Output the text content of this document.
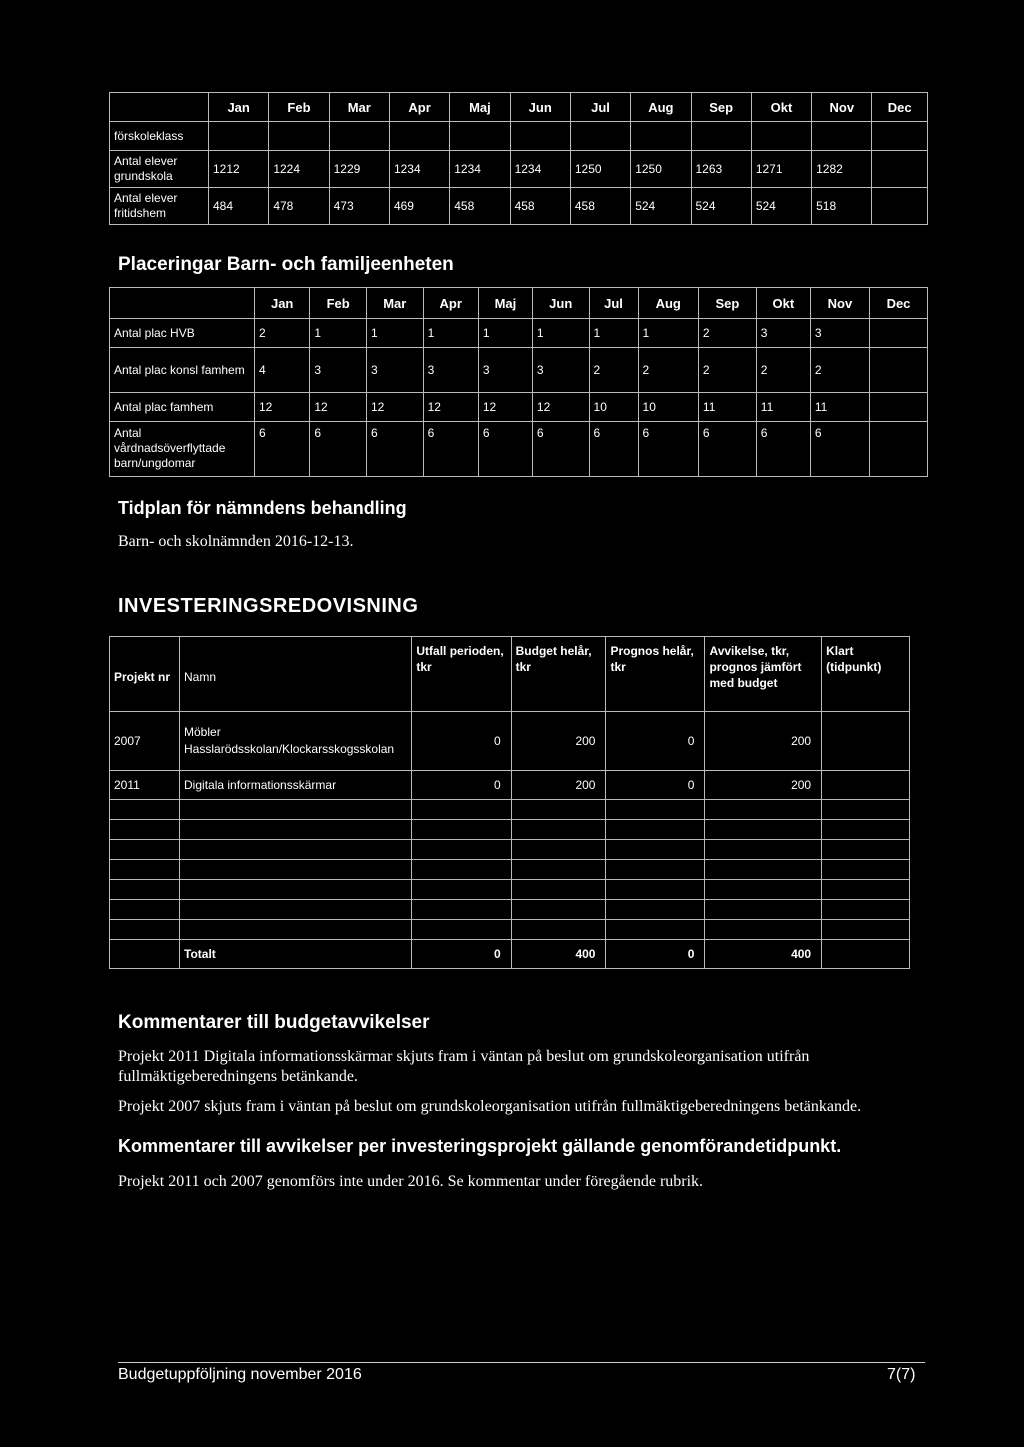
	Jan	Feb	Mar	Apr	Maj	Jun	Jul	Aug	Sep	Okt	Nov	Dec
förskoleklass												
Antal elever grundskola	1212	1224	1229	1234	1234	1234	1250	1250	1263	1271	1282	
Antal elever fritidshem	484	478	473	469	458	458	458	524	524	524	518	
Placeringar Barn- och familjeenheten
	Jan	Feb	Mar	Apr	Maj	Jun	Jul	Aug	Sep	Okt	Nov	Dec
Antal plac HVB	2	1	1	1	1	1	1	1	2	3	3	
Antal plac konsl famhem	4	3	3	3	3	3	2	2	2	2	2	
Antal plac famhem	12	12	12	12	12	12	10	10	11	11	11	
Antal vårdnadsöverflyttade barn/ungdomar	6	6	6	6	6	6	6	6	6	6	6	
Tidplan för nämndens behandling
Barn- och skolnämnden 2016-12-13.
INVESTERINGSREDOVISNING
Projekt nr	Namn	Utfall perioden, tkr	Budget helår, tkr	Prognos helår, tkr	Avvikelse, tkr, prognos jämfört med budget	Klart (tidpunkt)
2007	Möbler Hasslarödsskolan/Klockarsskogsskolan	0	200	0	200	
2011	Digitala informationsskärmar	0	200	0	200	

	Totalt	0	400	0	400	
Kommentarer till budgetavvikelser
Projekt 2011 Digitala informationsskärmar skjuts fram i väntan på beslut om grundskoleorganisation utifrån fullmäktigeberedningens betänkande.
Projekt 2007 skjuts fram i väntan på beslut om grundskoleorganisation utifrån fullmäktigeberedningens betänkande.
Kommentarer till avvikelser per investeringsprojekt gällande genomförandetidpunkt.
Projekt 2011 och 2007 genomförs inte under 2016. Se kommentar under föregående rubrik.
Budgetuppföljning november 2016	7(7)
